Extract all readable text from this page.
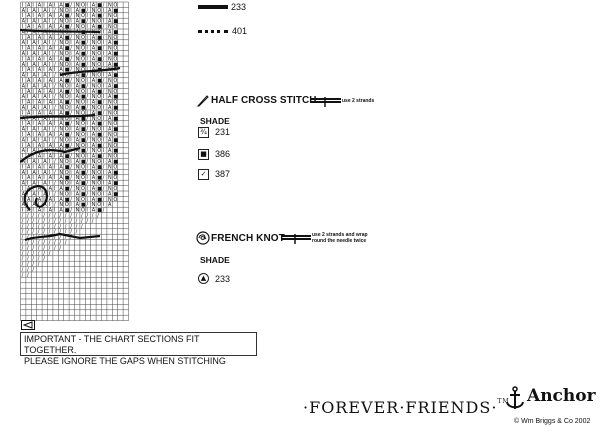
I A I A I A I A ■ / N O I A ■ / N O
A I A I A I / N O I A ■ / N O I A ■
I A I A I A I A ■ / N O I A ■ / N O
A I A I A I / N O I A ■ / N O I A ■
I A I A I A I A ■ / N O I A ■ / N O
A I A I A I / N O I A ■ / N O I A ■
I A I A I A I A ■ / N O I A ■ / N O
A I A I A I / N O I A ■ / N O I A ■
I A I A I A I A ■ / N O I A ■ / N O
A I A I A I / N O I A ■ / N O I A ■
I A I A I A I A ■ / N O I A ■ / N O
A I A I A I / N O I A ■ / N O I A ■
I A I A I A I A ■ / N O I A ■ / N O
A I A I A I / N O I A ■ / N O I A ■
I A I A I A I A ■ / N O I A ■ / N O
A I A I A I / N O I A ■ / N O I A ■
I A I A I A I A ■ / N O I A ■ / N O
A I A I A I / N O I A ■ / N O I A ■
I A I A I A I A ■ / N O I A ■ / N O
A I A I A I / N O I A ■ / N O I A ■
I A I A I A I A ■ / N O I A ■ / N O
A I A I A I / N O I A ■ / N O I A ■
I A I A I A I A ■ / N O I A ■ / N O
A I A I A I / N O I A ■ / N O I A ■
I A I A I A I A ■ / N O I A ■ / N O
A I A I A I / N O I A ■ / N O I A ■
I A I A I A I A ■ / N O I A ■ / N O
A I A I A I / N O I A ■ / N O I A ■
I A I A I A I A ■ / N O I A ■ / N O
A I A I A I / N O I A ■ / N O I A ■
I A I A I A I A ■ / N O I A ■ / N O
A I A I A I / N O I A ■ / N O I A ■
I A I A I A I A ■ / N O I A ■ / N O
A I A I A I / N O I A ■ / N O I A ■
I A I A I A I A ■ / N O I A ■ / N O
A I A I A I / N O I A ■ / N O I A ■
I A I A I A I A ■ / N O I A ■ / N O
A I A I A I / N O I A ■ / N O I A
I A I A I A I A ■ / N O I A ■ /
/ / / / / / / / / / / / / / /
/ / / / / / / / / / / / / /
/ / / / / / / / / / / /
/ / / / / / / / / / /
/ / / / / / / / / /
/ / / / / / / / /
/ / / / / / / /
/ / / / / /
/ / / / /
/ / / /
/ / /
/ /
233
401
HALF CROSS STITCH	use 2 strands
SHADE
¾ 231
■ 386
✓ 387
FRENCH KNOT	use 2 strands and wrap
round the needle twice
SHADE
▲ 233
IMPORTANT - THE CHART SECTIONS FIT TOGETHER.
PLEASE IGNORE THE GAPS WHEN STITCHING
·FOREVER·FRIENDS·™ Anchor
© Wm Briggs & Co 2002
